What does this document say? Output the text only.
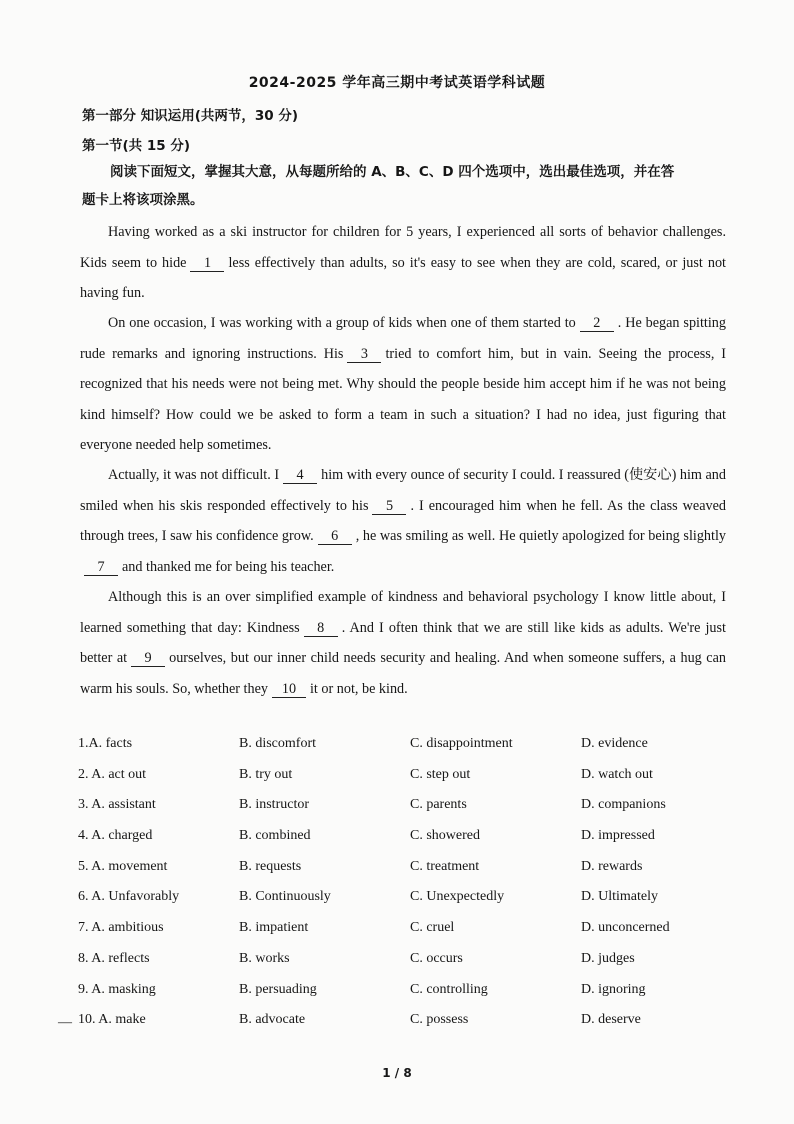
2024-2025 学年高三期中考试英语学科试题
第一部分 知识运用(共两节，30 分)
第一节(共 15 分)
阅读下面短文，掌握其大意，从每题所给的 A、B、C、D 四个选项中，选出最佳选项，并在答
题卡上将该项涂黑。

Having worked as a ski instructor for children for 5 years, I experienced all sorts of behavior challenges. Kids seem to hide 1 less effectively than adults, so it's easy to see when they are cold, scared, or just not having fun.

On one occasion, I was working with a group of kids when one of them started to 2 . He began spitting rude remarks and ignoring instructions. His 3 tried to comfort him, but in vain. Seeing the process, I recognized that his needs were not being met. Why should the people beside him accept him if he was not being kind himself? How could we be asked to form a team in such a situation? I had no idea, just figuring that everyone needed help sometimes.

Actually, it was not difficult. I 4 him with every ounce of security I could. I reassured (使安心) him and smiled when his skis responded effectively to his 5 . I encouraged him when he fell. As the class weaved through trees, I saw his confidence grow. 6 , he was smiling as well. He quietly apologized for being slightly7 and thanked me for being his teacher.

Although this is an over simplified example of kindness and behavioral psychology I know little about, I learned something that day: Kindness 8 . And I often think that we are still like kids as adults. We're just better at 9 ourselves, but our inner child needs security and healing. And when someone suffers, a hug can warm his souls. So, whether they 10 it or not, be kind.

1.A. facts	B. discomfort	C. disappointment	D. evidence
2. A. act out	B. try out	C. step out	D. watch out
3. A. assistant	B. instructor	C. parents	D. companions
4. A. charged	B. combined	C. showered	D. impressed
5. A. movement	B. requests	C. treatment	D. rewards
6. A. Unfavorably	B. Continuously	C. Unexpectedly	D. Ultimately
7. A. ambitious	B. impatient	C. cruel	D. unconcerned
8. A. reflects	B. works	C. occurs	D. judges
9. A. masking	B. persuading	C. controlling	D. ignoring
10. A. make	B. advocate	C. possess	D. deserve
—
1 / 8
